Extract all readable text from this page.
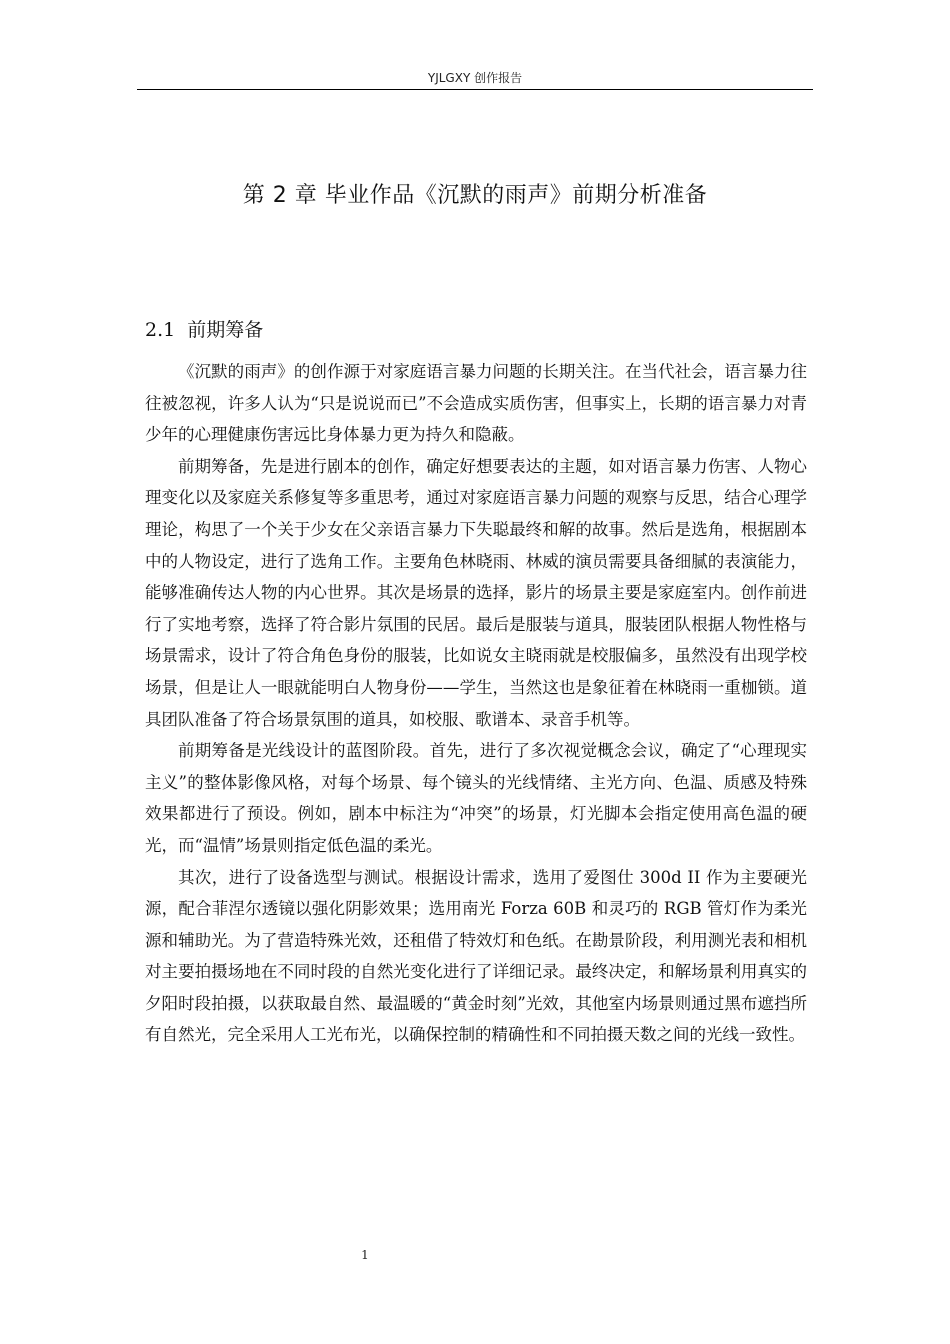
YJLGXY 创作报告
第 2 章 毕业作品《沉默的雨声》前期分析准备
2.1 前期筹备

《沉默的雨声》的创作源于对家庭语言暴力问题的长期关注。在当代社会，语言暴力往往被忽视，许多人认为“只是说说而已”不会造成实质伤害，但事实上，长期的语言暴力对青少年的心理健康伤害远比身体暴力更为持久和隐蔽。

前期筹备，先是进行剧本的创作，确定好想要表达的主题，如对语言暴力伤害、人物心理变化以及家庭关系修复等多重思考，通过对家庭语言暴力问题的观察与反思，结合心理学理论，构思了一个关于少女在父亲语言暴力下失聪最终和解的故事。然后是选角，根据剧本中的人物设定，进行了选角工作。主要角色林晓雨、林威的演员需要具备细腻的表演能力，能够准确传达人物的内心世界。其次是场景的选择，影片的场景主要是家庭室内。创作前进行了实地考察，选择了符合影片氛围的民居。最后是服装与道具，服装团队根据人物性格与场景需求，设计了符合角色身份的服装，比如说女主晓雨就是校服偏多，虽然没有出现学校场景，但是让人一眼就能明白人物身份——学生，当然这也是象征着在林晓雨一重枷锁。道具团队准备了符合场景氛围的道具，如校服、歌谱本、录音手机等。

前期筹备是光线设计的蓝图阶段。首先，进行了多次视觉概念会议，确定了“心理现实主义”的整体影像风格，对每个场景、每个镜头的光线情绪、主光方向、色温、质感及特殊效果都进行了预设。例如，剧本中标注为“冲突”的场景，灯光脚本会指定使用高色温的硬光，而“温情”场景则指定低色温的柔光。

其次，进行了设备选型与测试。根据设计需求，选用了爱图仕 300d II 作为主要硬光源，配合菲涅尔透镜以强化阴影效果；选用南光 Forza 60B 和灵巧的 RGB 管灯作为柔光源和辅助光。为了营造特殊光效，还租借了特效灯和色纸。在勘景阶段，利用测光表和相机对主要拍摄场地在不同时段的自然光变化进行了详细记录。最终决定，和解场景利用真实的夕阳时段拍摄，以获取最自然、最温暖的“黄金时刻”光效，其他室内场景则通过黑布遮挡所有自然光，完全采用人工光布光，以确保控制的精确性和不同拍摄天数之间的光线一致性。

1
